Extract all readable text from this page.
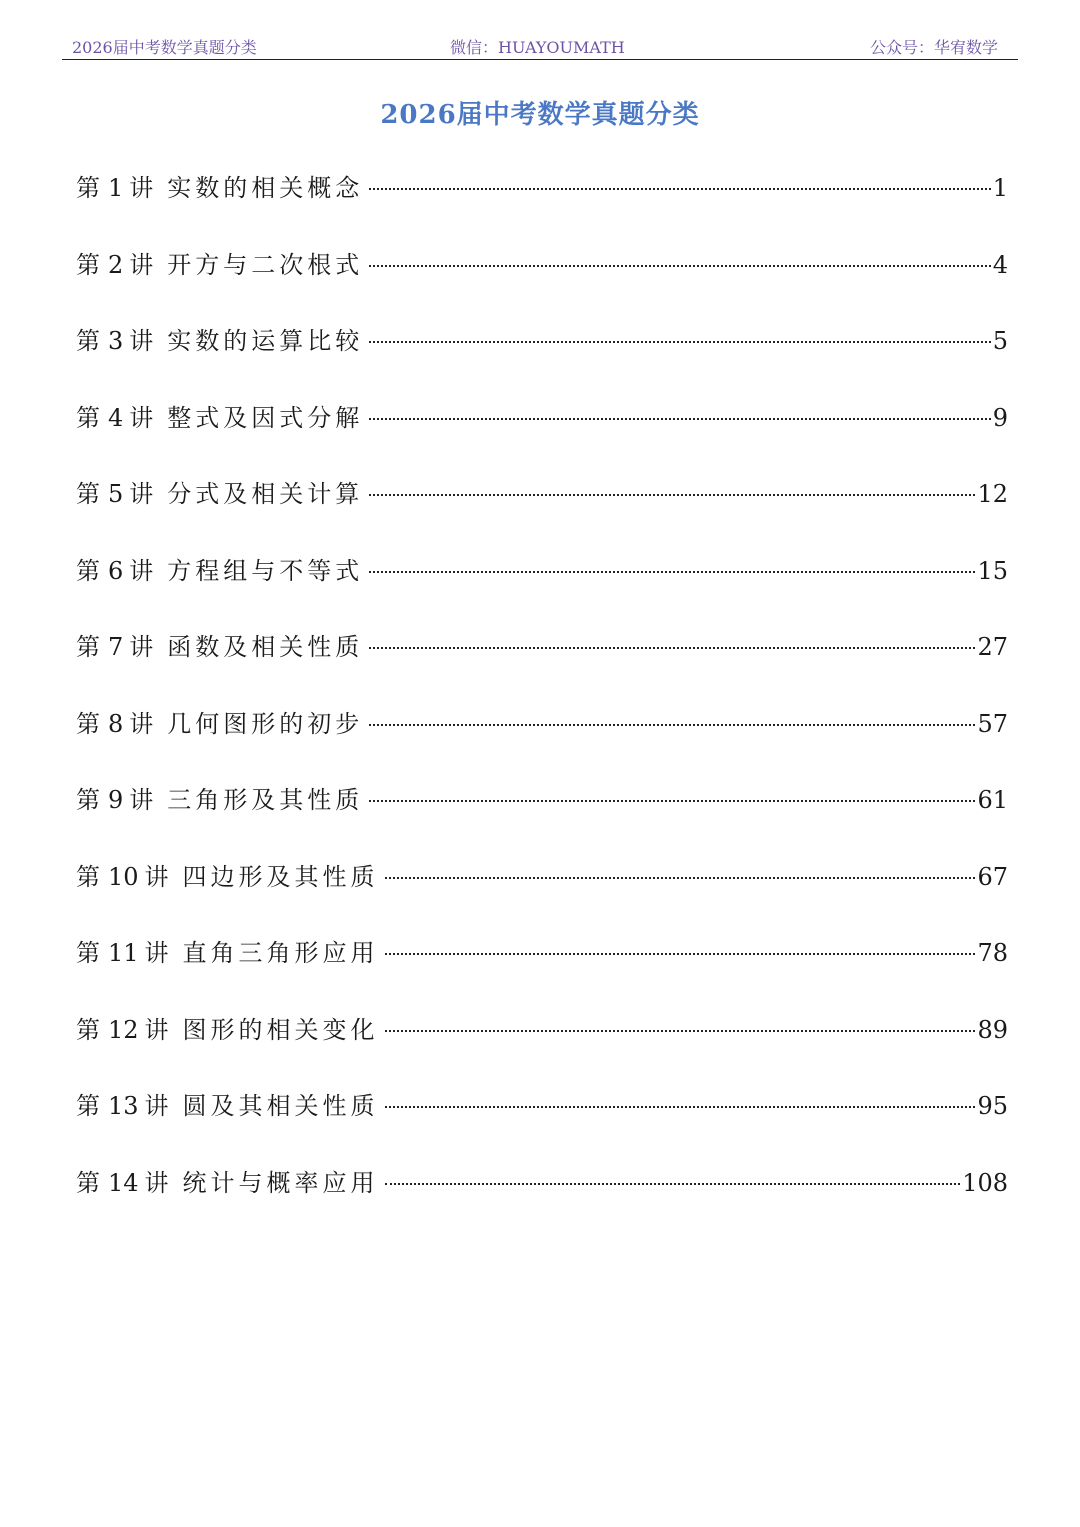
2026届中考数学真题分类	微信：HUAYOUMATH	公众号：华宥数学
2026届中考数学真题分类
第 1 讲 实数的相关概念	1
第 2 讲 开方与二次根式	4
第 3 讲 实数的运算比较	5
第 4 讲 整式及因式分解	9
第 5 讲 分式及相关计算	12
第 6 讲 方程组与不等式	15
第 7 讲 函数及相关性质	27
第 8 讲 几何图形的初步	57
第 9 讲 三角形及其性质	61
第 10 讲 四边形及其性质	67
第 11 讲 直角三角形应用	78
第 12 讲 图形的相关变化	89
第 13 讲 圆及其相关性质	95
第 14 讲 统计与概率应用	108
